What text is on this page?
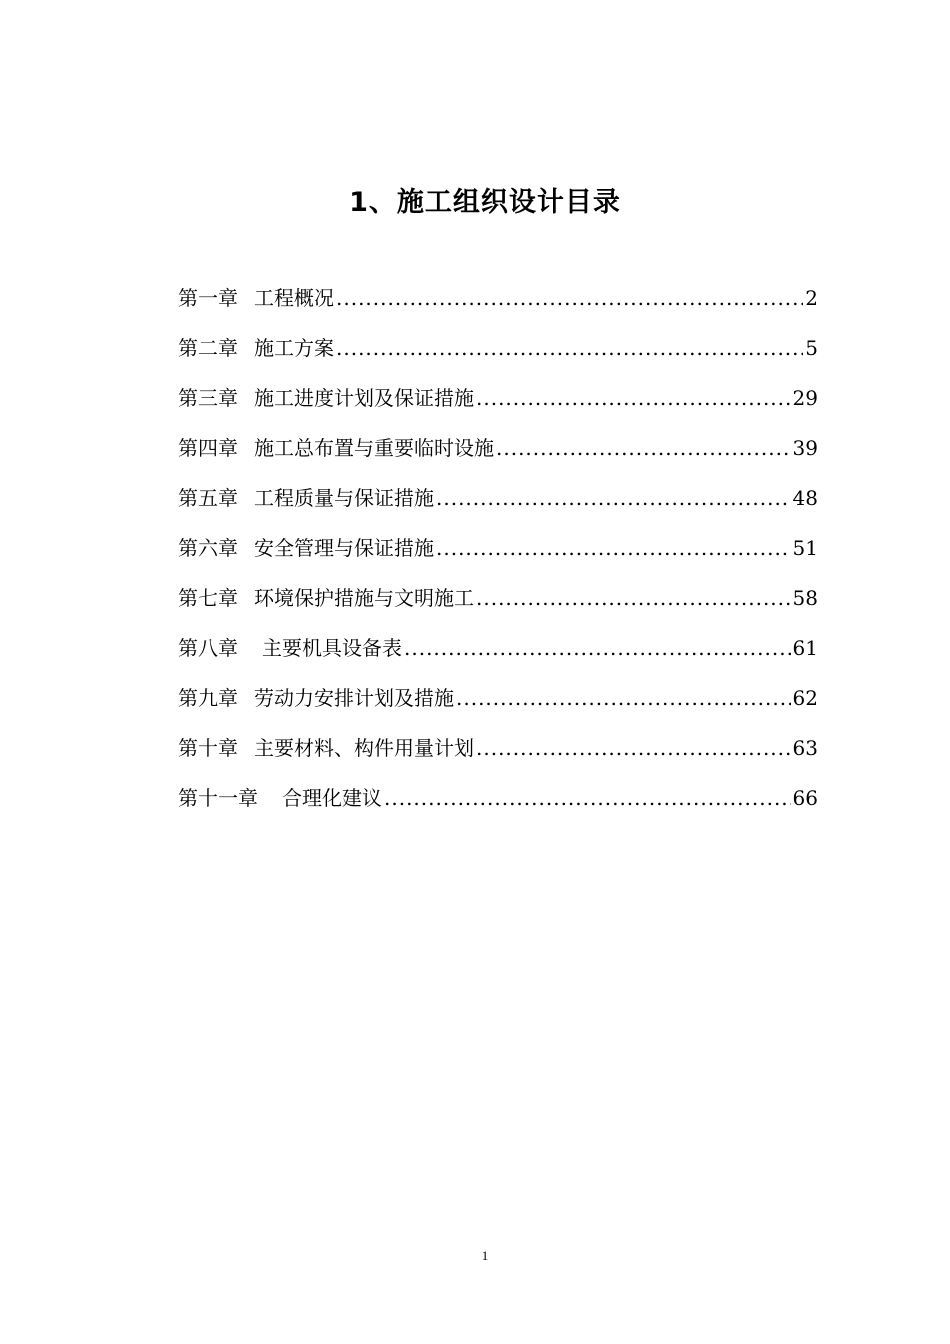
1、施工组织设计目录
第一章 工程概况 .....	2
第二章 施工方案 .....	5
第三章 施工进度计划及保证措施 .....	29
第四章 施工总布置与重要临时设施 .....	39
第五章 工程质量与保证措施 .....	48
第六章 安全管理与保证措施 .....	51
第七章 环境保护措施与文明施工 .....	58
第八章 主要机具设备表 .....	61
第九章 劳动力安排计划及措施 .....	62
第十章 主要材料、构件用量计划 .....	63
第十一章 合理化建议 .....	66
1
